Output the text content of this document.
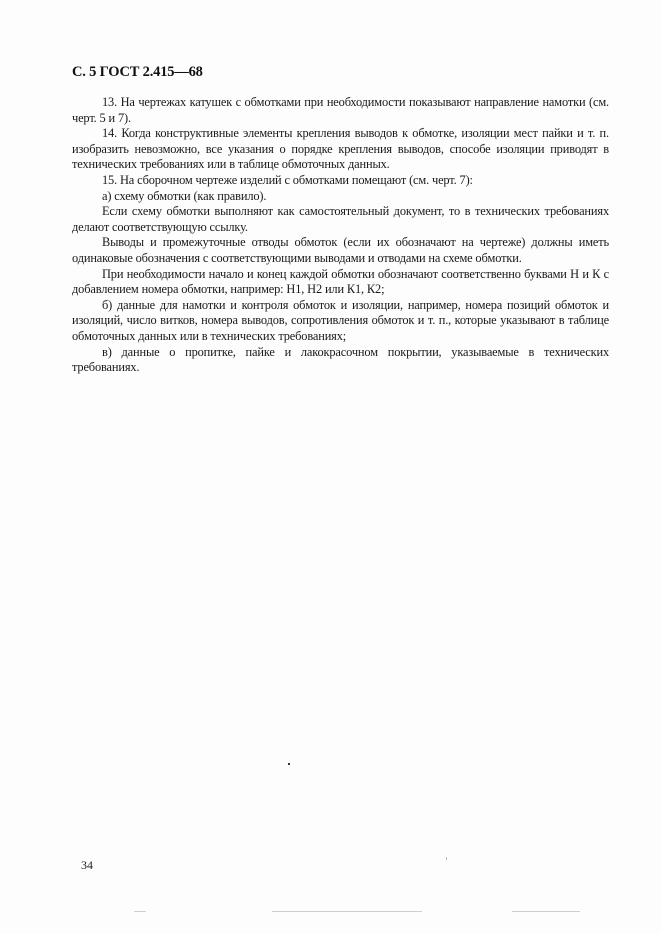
С. 5 ГОСТ 2.415—68

13. На чертежах катушек с обмотками при необходимости показывают направление намотки (см. черт. 5 и 7).

14. Когда конструктивные элементы крепления выводов к обмотке, изоляции мест пайки и т. п. изобразить невозможно, все указания о порядке крепления выводов, способе изоляции приводят в технических требованиях или в таблице обмоточных данных.

15. На сборочном чертеже изделий с обмотками помещают (см. черт. 7):

а) схему обмотки (как правило).

Если схему обмотки выполняют как самостоятельный документ, то в технических требованиях делают соответствующую ссылку.

Выводы и промежуточные отводы обмоток (если их обозначают на чертеже) должны иметь одинаковые обозначения с соответствующими выводами и отводами на схеме обмотки.

При необходимости начало и конец каждой обмотки обозначают соответственно буквами Н и К с добавлением номера обмотки, например: Н1, Н2 или К1, К2;

б) данные для намотки и контроля обмоток и изоляции, например, номера позиций обмоток и изоляций, число витков, номера выводов, сопротивления обмоток и т. п., которые указывают в таблице обмоточных данных или в технических требованиях;

в) данные о пропитке, пайке и лакокрасочном покрытии, указываемые в технических требованиях.

34
